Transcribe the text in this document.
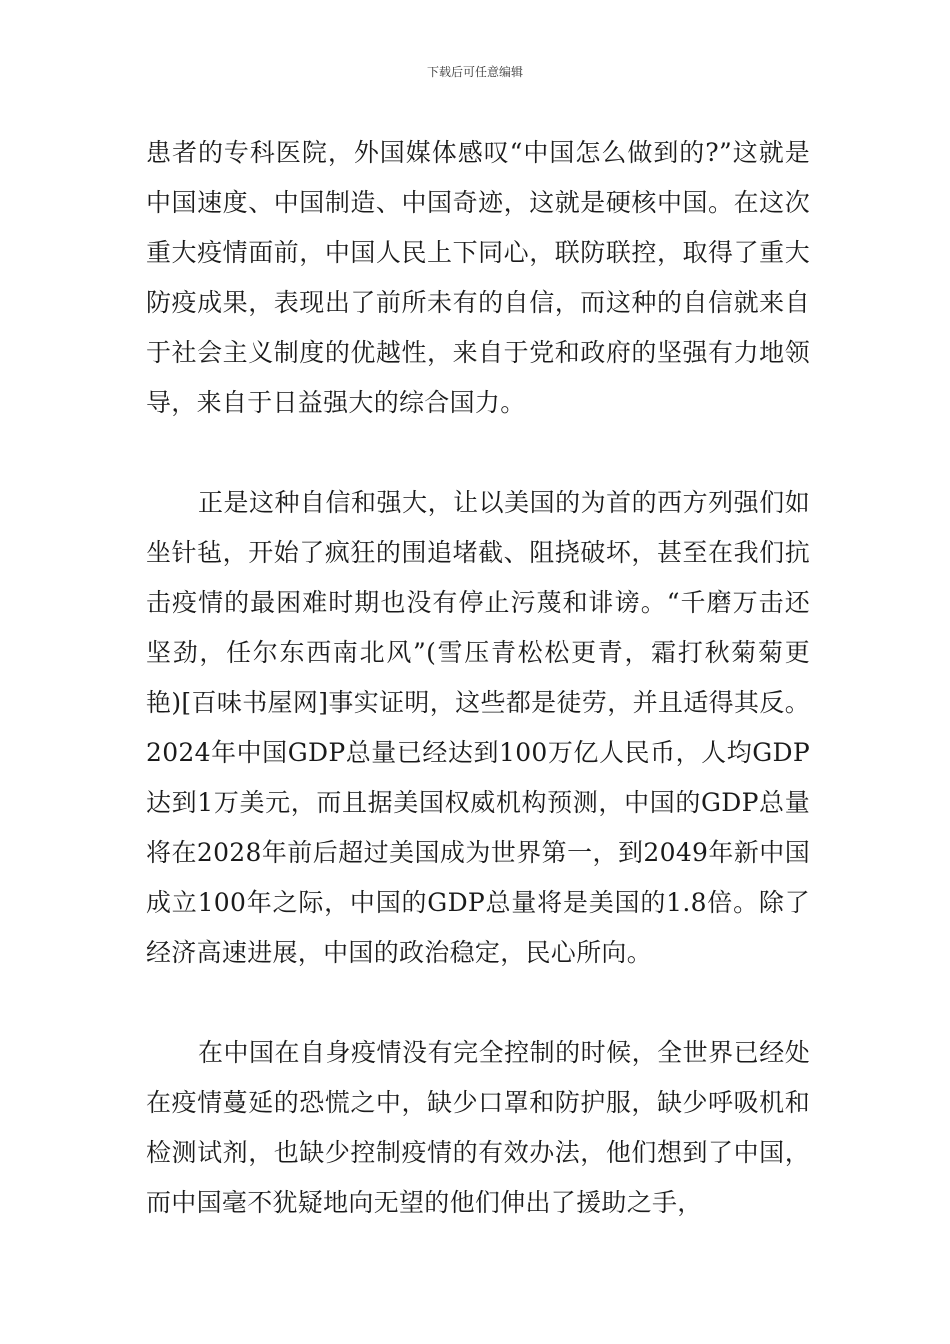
下载后可任意编辑

患者的专科医院，外国媒体感叹“中国怎么做到的?”这就是中国速度、中国制造、中国奇迹，这就是硬核中国。在这次重大疫情面前，中国人民上下同心，联防联控，取得了重大防疫成果，表现出了前所未有的自信，而这种的自信就来自于社会主义制度的优越性，来自于党和政府的坚强有力地领导，来自于日益强大的综合国力。

正是这种自信和强大，让以美国的为首的西方列强们如坐针毡，开始了疯狂的围追堵截、阻挠破坏，甚至在我们抗击疫情的最困难时期也没有停止污蔑和诽谤。“千磨万击还坚劲，任尔东西南北风”(雪压青松松更青，霜打秋菊菊更艳)[百味书屋网]事实证明，这些都是徒劳，并且适得其反。2024年中国GDP总量已经达到100万亿人民币，人均GDP达到1万美元，而且据美国权威机构预测，中国的GDP总量将在2028年前后超过美国成为世界第一，到2049年新中国成立100年之际，中国的GDP总量将是美国的1.8倍。除了经济高速进展，中国的政治稳定，民心所向。

在中国在自身疫情没有完全控制的时候，全世界已经处在疫情蔓延的恐慌之中，缺少口罩和防护服，缺少呼吸机和检测试剂，也缺少控制疫情的有效办法，他们想到了中国，而中国毫不犹疑地向无望的他们伸出了援助之手，
